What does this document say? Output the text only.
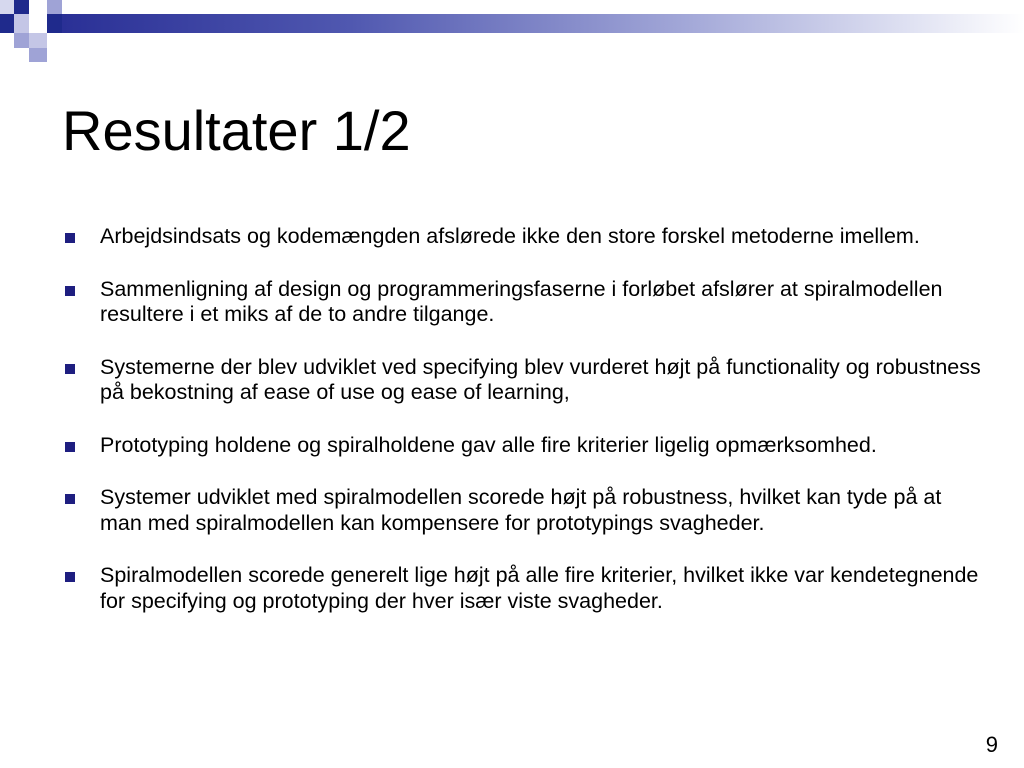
Resultater 1/2
Arbejdsindsats og kodemængden afslørede ikke den store forskel metoderne imellem.
Sammenligning af design og programmeringsfaserne i forløbet afslører at spiralmodellen resultere i et miks af de to andre tilgange.
Systemerne der blev udviklet ved specifying blev vurderet højt på functionality og robustness på bekostning af ease of use og ease of learning,
Prototyping holdene og spiralholdene gav alle fire kriterier ligelig opmærksomhed.
Systemer udviklet med spiralmodellen scorede højt på robustness, hvilket kan tyde på at man med spiralmodellen kan kompensere for prototypings svagheder.
Spiralmodellen scorede generelt lige højt på alle fire kriterier, hvilket ikke var kendetegnende for specifying og prototyping der hver især viste svagheder.
9
